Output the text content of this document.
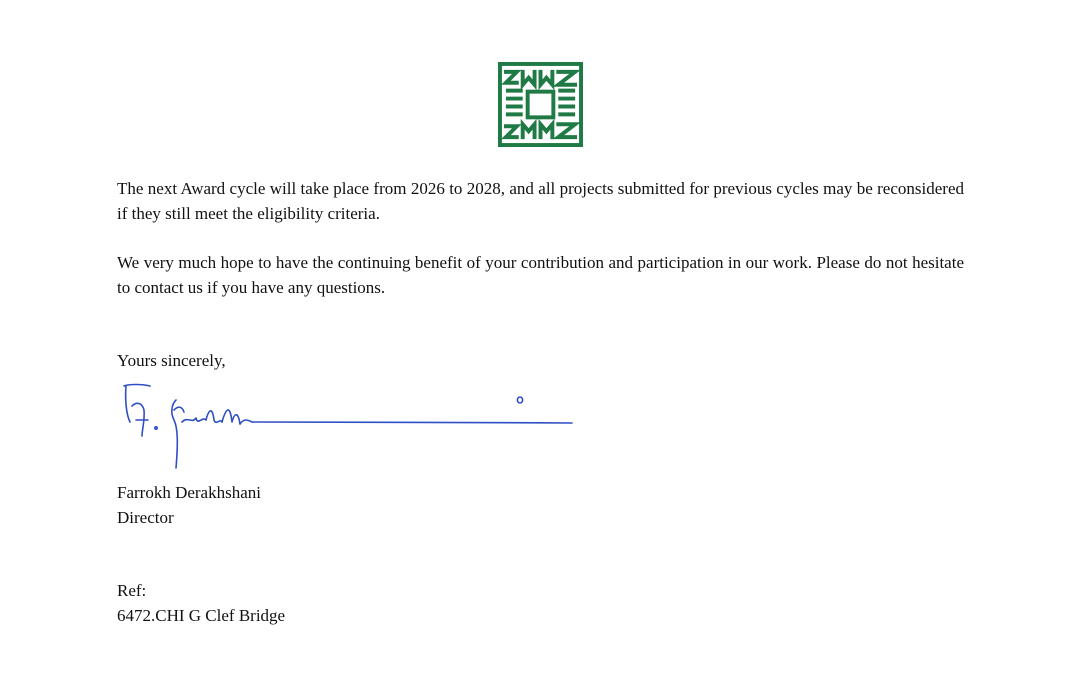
The next Award cycle will take place from 2026 to 2028, and all projects submitted for previous cycles may be reconsidered if they still meet the eligibility criteria.

We very much hope to have the continuing benefit of your contribution and participation in our work. Please do not hesitate to contact us if you have any questions.

Yours sincerely,

Farrokh Derakhshani

Director

Ref:

6472.CHI G Clef Bridge
